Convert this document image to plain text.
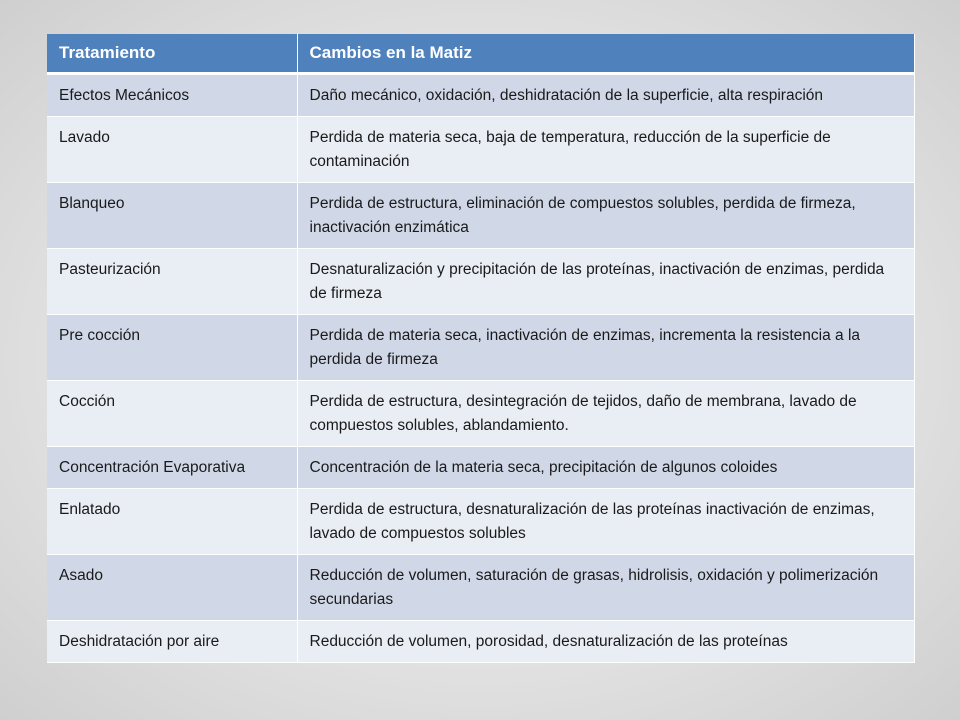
Tratamiento	Cambios en la Matiz
Efectos Mecánicos	Daño mecánico, oxidación, deshidratación de la superficie, alta respiración
Lavado	Perdida de materia seca, baja de temperatura, reducción de la superficie de contaminación
Blanqueo	Perdida de estructura, eliminación de compuestos solubles, perdida de firmeza, inactivación enzimática
Pasteurización	Desnaturalización y precipitación de las proteínas, inactivación de enzimas, perdida de firmeza
Pre cocción	Perdida de materia seca, inactivación de enzimas, incrementa la resistencia a la perdida de firmeza
Cocción	Perdida de estructura, desintegración de tejidos, daño de membrana, lavado de compuestos solubles, ablandamiento.
Concentración Evaporativa	Concentración de la materia seca, precipitación de algunos coloides
Enlatado	Perdida de estructura, desnaturalización de las proteínas inactivación de enzimas, lavado de compuestos solubles
Asado	Reducción de volumen, saturación de grasas, hidrolisis, oxidación y polimerización secundarias
Deshidratación por aire	Reducción de volumen, porosidad, desnaturalización de las proteínas
